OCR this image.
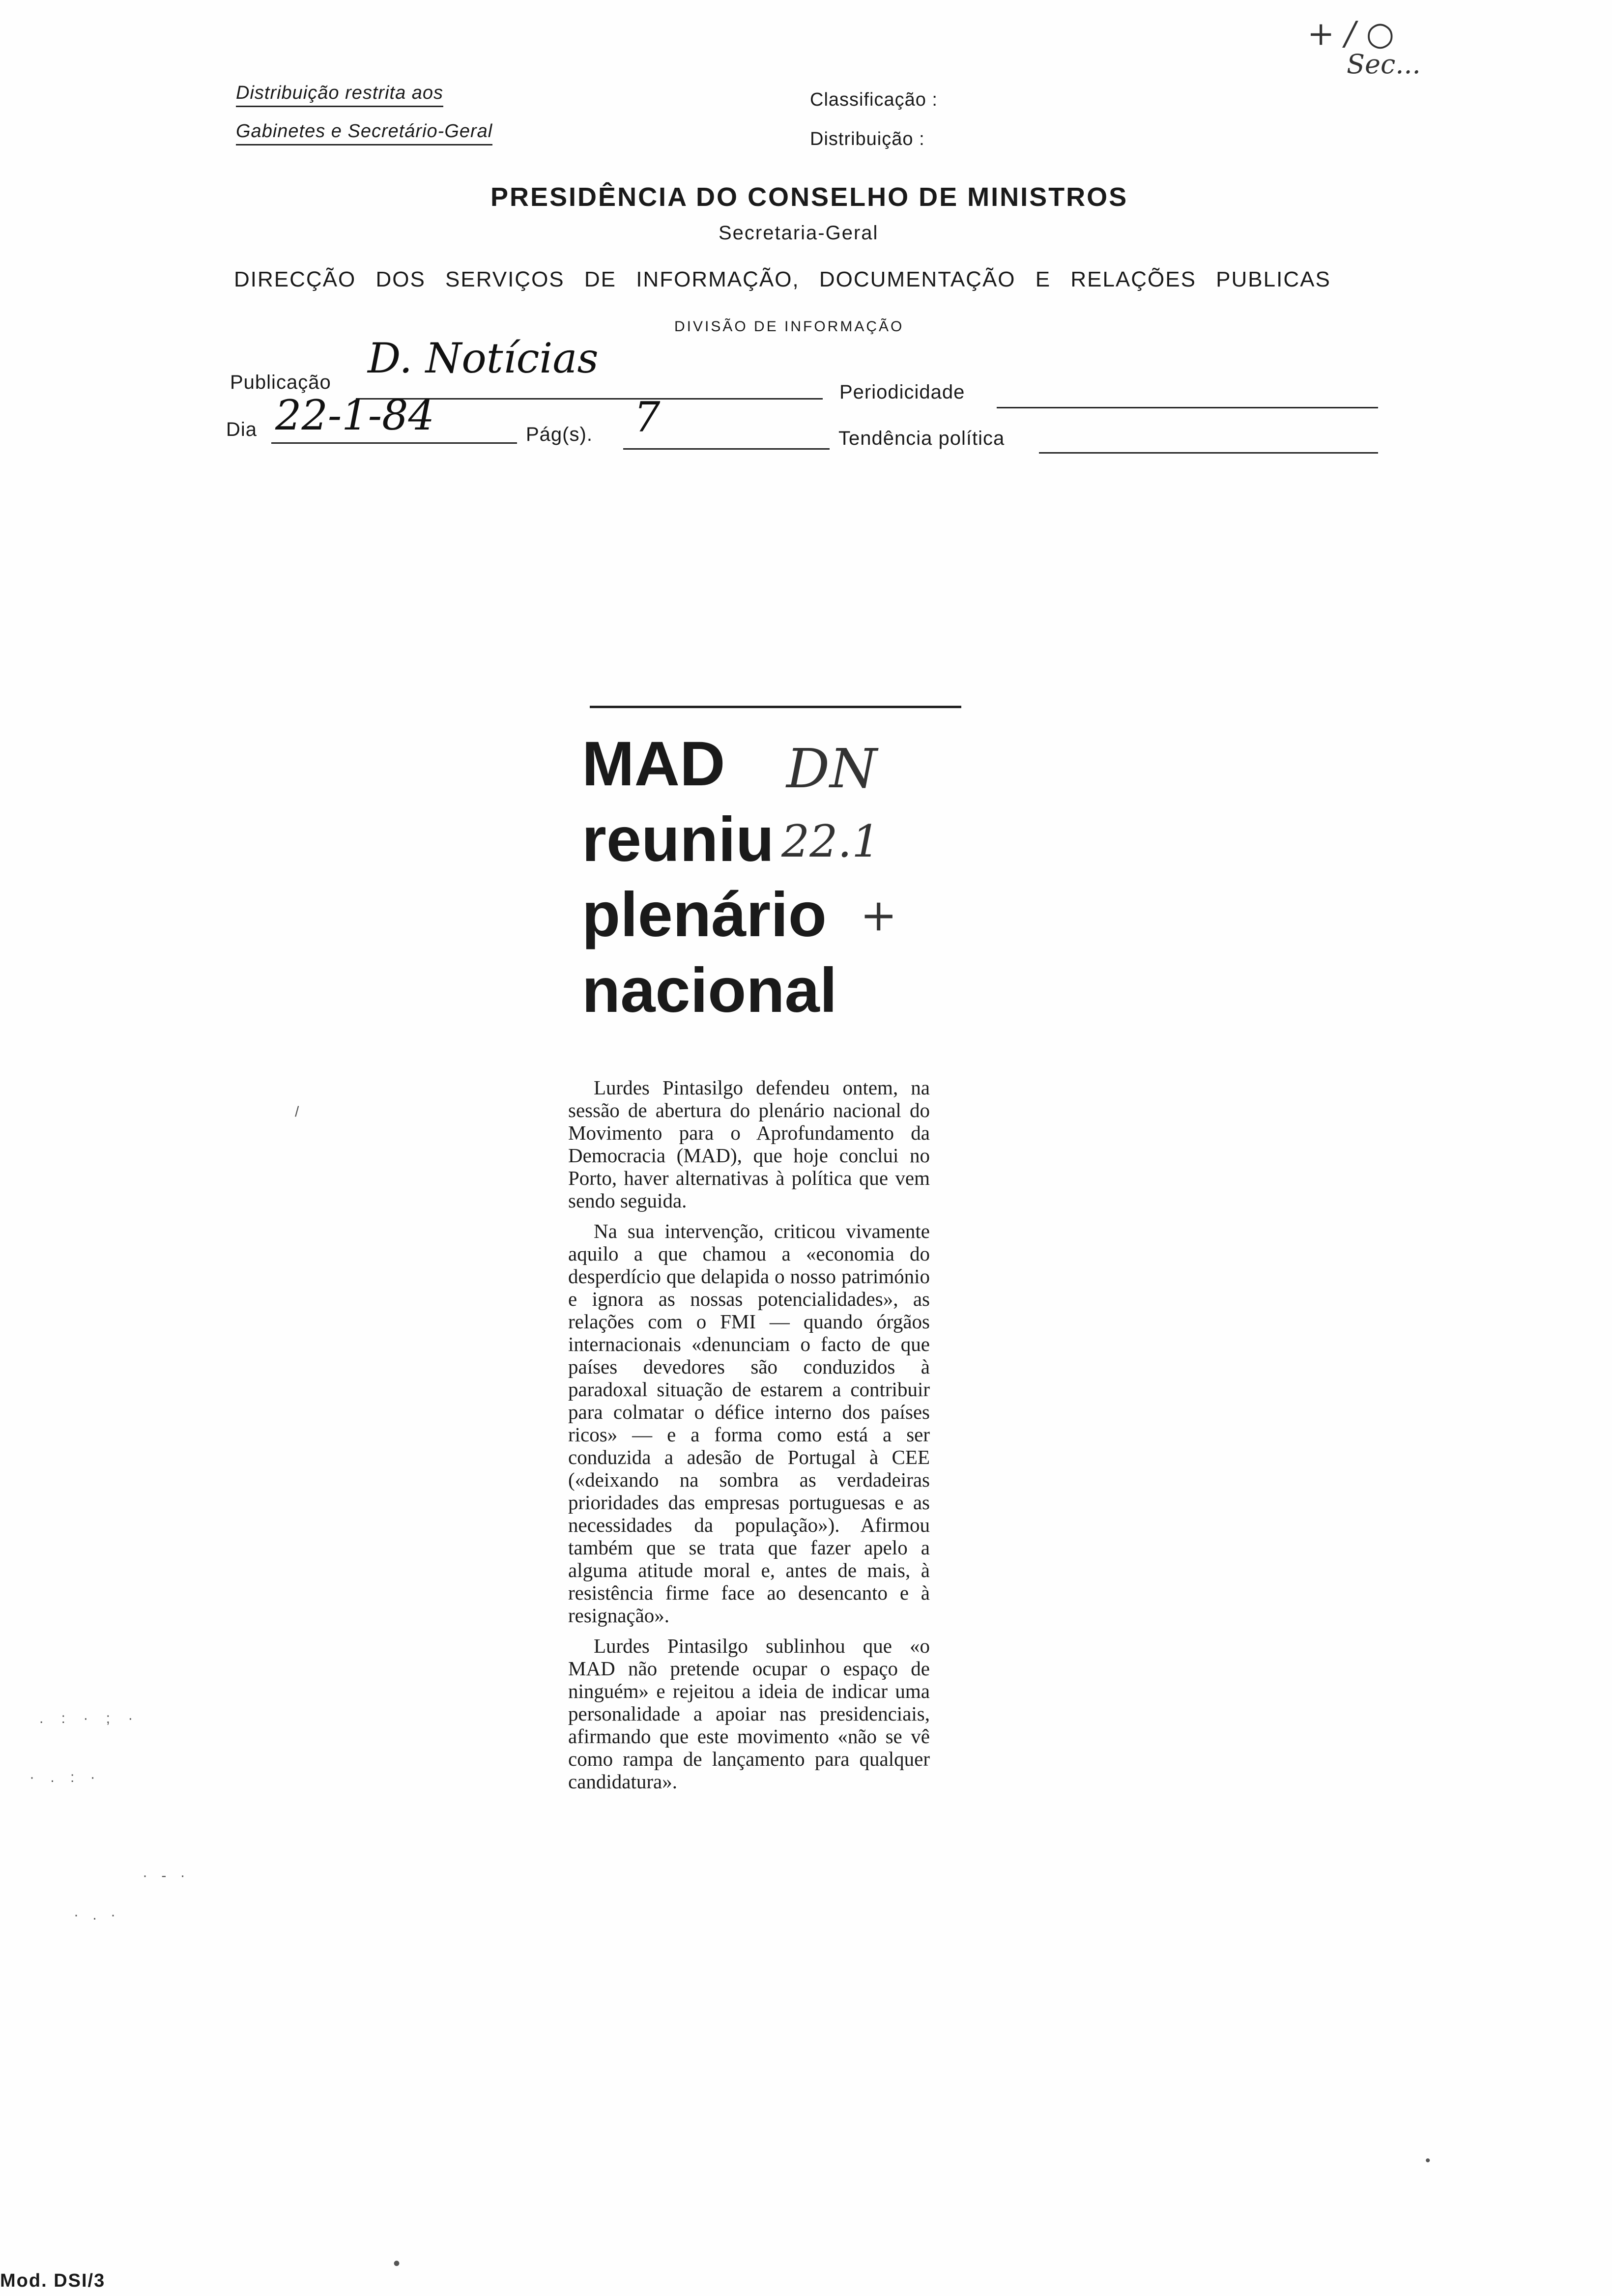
+ / ○
Sec...
Distribuição restrita aos
Gabinetes e Secretário-Geral
Classificação :
Distribuição :
PRESIDÊNCIA DO CONSELHO DE MINISTROS
Secretaria-Geral
DIRECÇÃO DOS SERVIÇOS DE INFORMAÇÃO, DOCUMENTAÇÃO E RELAÇÕES PUBLICAS
DIVISÃO DE INFORMAÇÃO
Publicação D. Notícias
Periodicidade
Dia 22-1-84	Pág(s). 7	Tendência política
MAD
reuniu
plenário
nacional
DN
22.1
+

Lurdes Pintasilgo defendeu ontem, na sessão de abertura do plenário nacional do Movimento para o Aprofundamento da Democracia (MAD), que hoje conclui no Porto, haver alternativas à política que vem sendo seguida.

Na sua intervenção, criticou vivamente aquilo a que chamou a «economia do desperdício que delapida o nosso património e ignora as nossas potencialidades», as relações com o FMI — quando órgãos internacionais «denunciam o facto de que países devedores são conduzidos à paradoxal situação de estarem a contribuir para colmatar o défice interno dos países ricos» — e a forma como está a ser conduzida a adesão de Portugal à CEE («deixando na sombra as verdadeiras prioridades das empresas portuguesas e as necessidades da população»). Afirmou também que se trata que fazer apelo a alguma atitude moral e, antes de mais, à resistência firme face ao desencanto e à resignação».

Lurdes Pintasilgo sublinhou que «o MAD não pretende ocupar o espaço de ninguém» e rejeitou a ideia de indicar uma personalidade a apoiar nas presidenciais, afirmando que este movimento «não se vê como rampa de lançamento para qualquer candidatura».

/
. : · ; ·
· . : ·
· - ·
· . ·
•
•
Mod. DSI/3
